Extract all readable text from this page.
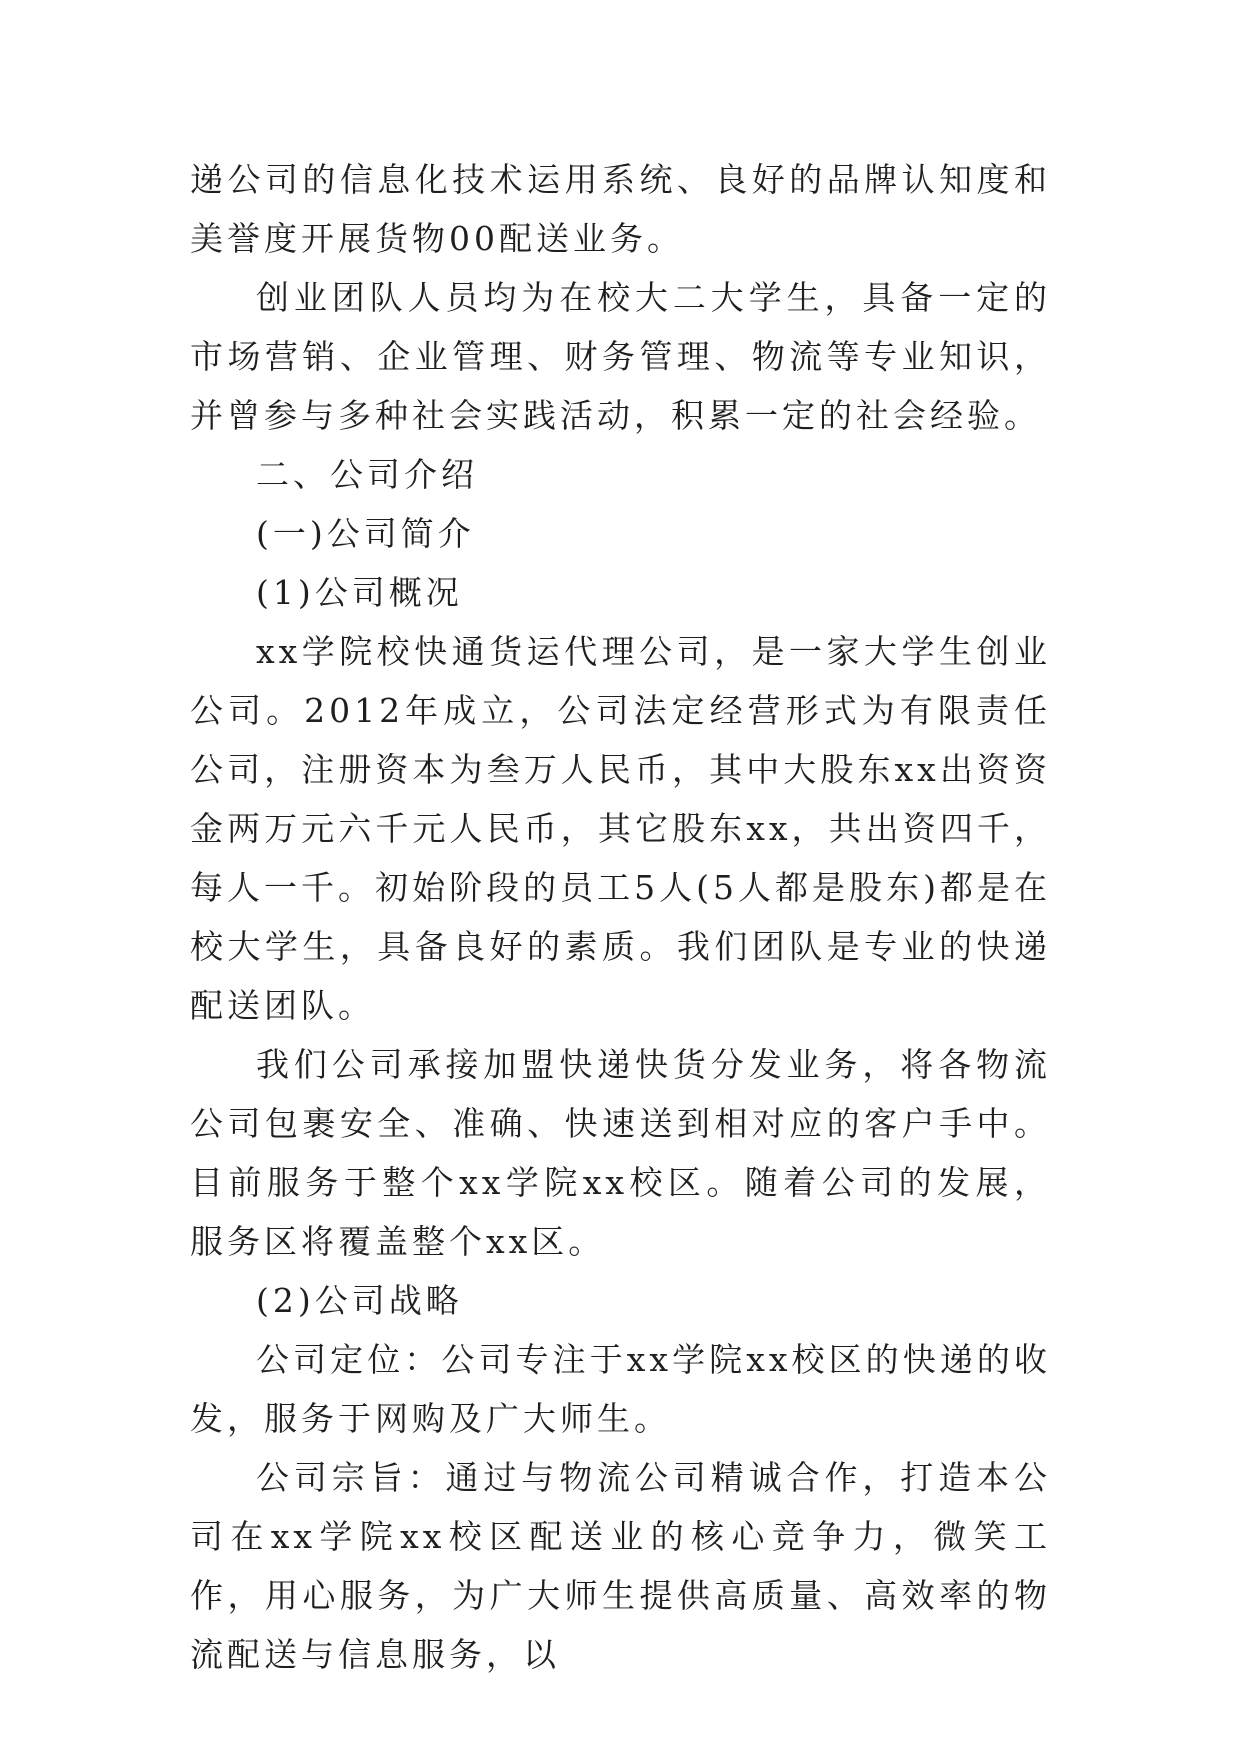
递公司的信息化技术运用系统、良好的品牌认知度和美誉度开展货物00配送业务。

创业团队人员均为在校大二大学生，具备一定的市场营销、企业管理、财务管理、物流等专业知识，并曾参与多种社会实践活动，积累一定的社会经验。

二、公司介绍

(一)公司简介

(1)公司概况

xx学院校快通货运代理公司，是一家大学生创业公司。2012年成立，公司法定经营形式为有限责任公司，注册资本为叁万人民币，其中大股东xx出资资金两万元六千元人民币，其它股东xx，共出资四千，每人一千。初始阶段的员工5人(5人都是股东)都是在校大学生，具备良好的素质。我们团队是专业的快递配送团队。

我们公司承接加盟快递快货分发业务，将各物流公司包裹安全、准确、快速送到相对应的客户手中。目前服务于整个xx学院xx校区。随着公司的发展，服务区将覆盖整个xx区。

(2)公司战略

公司定位：公司专注于xx学院xx校区的快递的收发，服务于网购及广大师生。

公司宗旨：通过与物流公司精诚合作，打造本公司在xx学院xx校区配送业的核心竞争力，微笑工作，用心服务，为广大师生提供高质量、高效率的物流配送与信息服务，以
